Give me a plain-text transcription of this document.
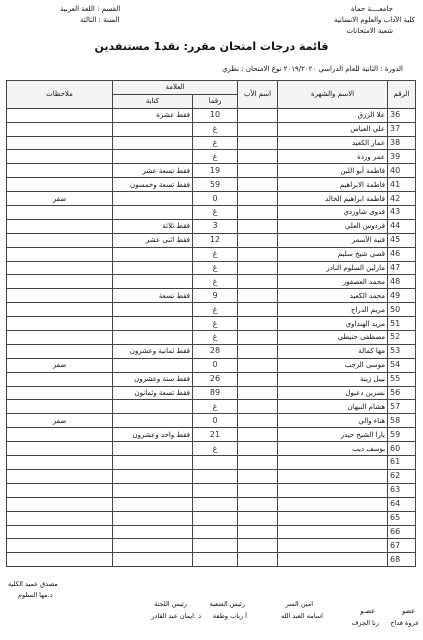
جامعــــة حماة
كلية الآداب والعلوم الانسانية
شعبة الامتحانات
القسم : اللغة العربية
السنة : الثالثة
قائمة درجات امتحان مقرر: نقد1 مستنفدين
الدورة : الثانية للعام الدراسي ٢٠١٩/٢٠٢٠ نوع الامتحان : نظري
الرقم	الاسم والشهرة	اسم الأب	العلامة		ملاحظات
			رقما	كتابة	
36	علا الرزق		10	فقط عشرة	
37	علي العباس		غ		
38	عمار الكعيد		غ		
39	عمر وردة		غ		
40	فاطمة أبو اللبن		19	فقط تسعة عشر	
41	فاطمة الابراهيم		59	فقط تسعة وخمسون	
42	فاطمة ابراهيم الخالد		0		صفر
43	فدوى شاوردي		غ		
44	فردوس العلي		3	فقط ثلاثة	
45	فتية الأسمر		12	فقط اثنى عشر	
46	قصي شيخ سليم		غ		
47	مارلين السلوم النادر		غ		
48	محمد العصفور		غ		
49	محمد الكعيد		9	فقط تسعة	
50	مريم الدراج		غ		
51	مزيد الهنداوي		غ		
52	مصطفى حنيطي		غ		
53	مها كمالة		28	فقط ثمانية وعشرون	
54	موسى الرجب		0		صفر
55	نبيل زينة		26	فقط ستة وعشرون	
56	نسرين دعبول		89	فقط تسعة وثمانون	
57	هشام النبهان		غ		
58	هناء والي		0		صفر
59	يارا الشيخ حيدر		21	فقط واحد وعشرون	
60	يوسف ديب		غ		
61					
62					
63					
64					
65					
66					
67					
68					
مصدق عميد الكلية
د.مها السلوم
عضو
عروة قداح
عضـو
رنا الجزف
امين السر
اسامه العبد الله
رئيس الشعبة
أ رباب وطفة
رئيس اللجنة
د .ايمان عبد القادر
